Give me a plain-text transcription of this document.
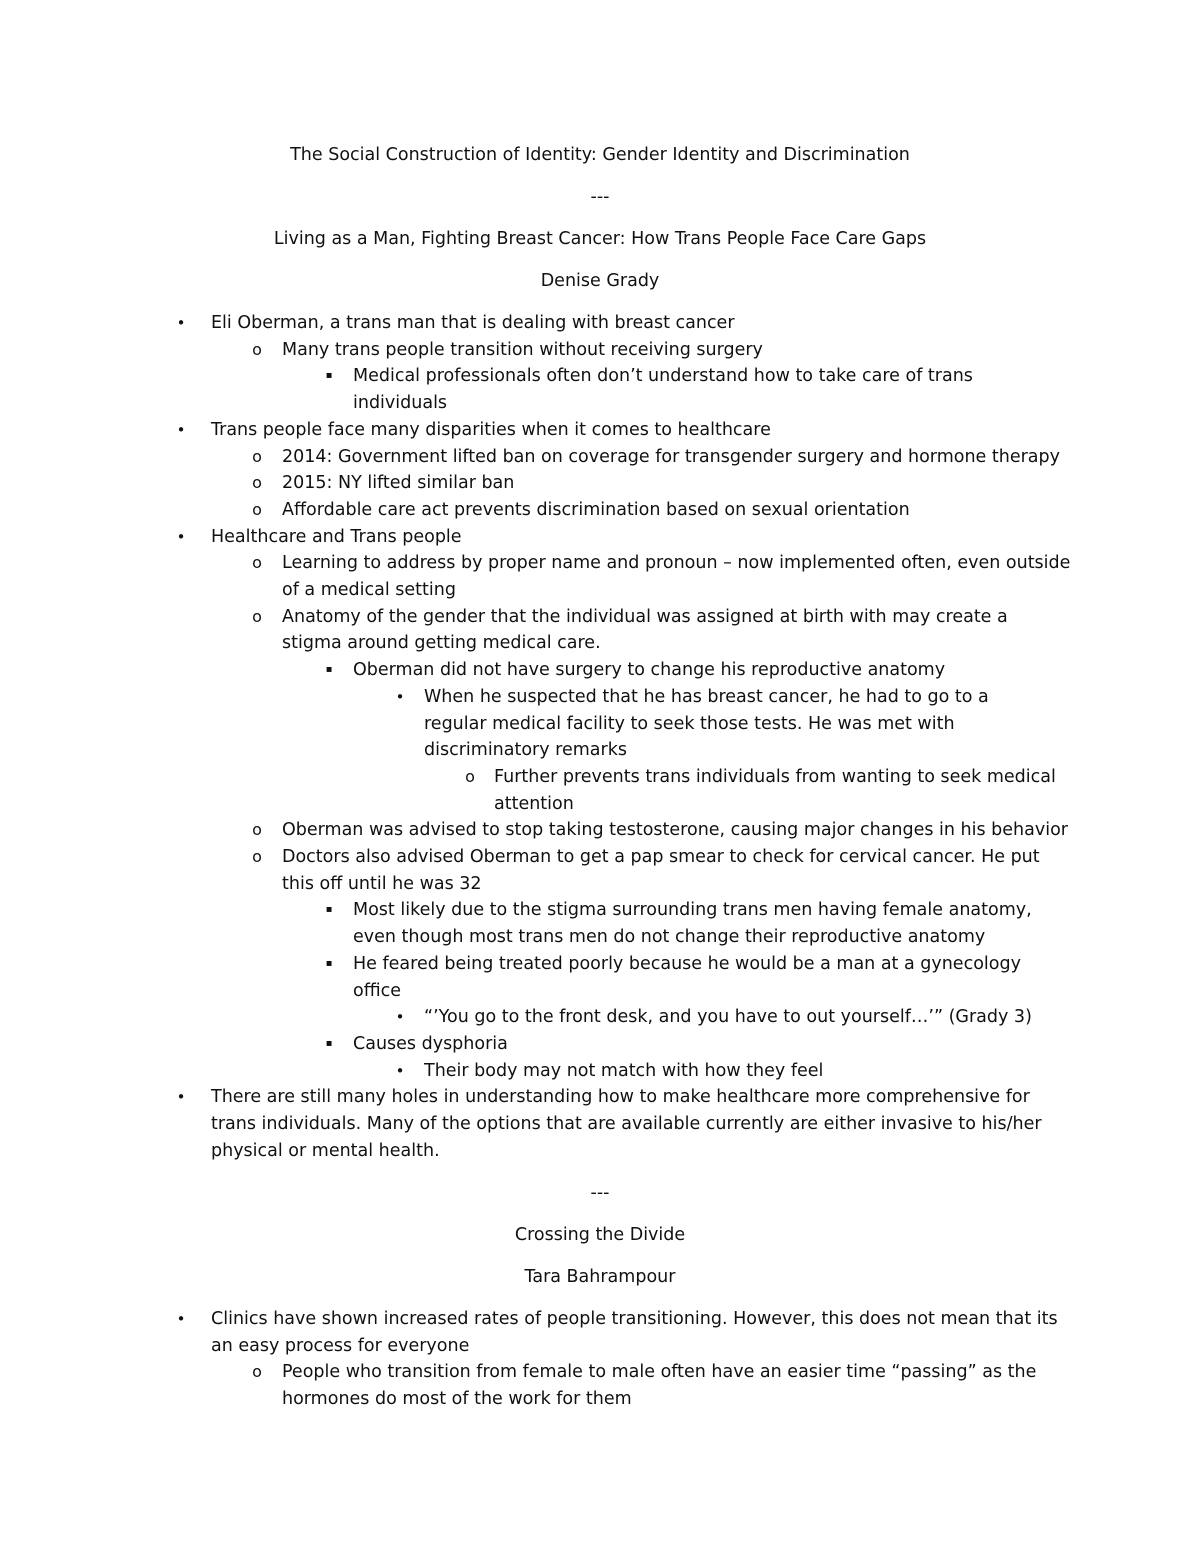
The Social Construction of Identity: Gender Identity and Discrimination
---
Living as a Man, Fighting Breast Cancer: How Trans People Face Care Gaps
Denise Grady
•	Eli Oberman, a trans man that is dealing with breast cancer
o Many trans people transition without receiving surgery
▪	Medical professionals often don’t understand how to take care of trans individuals
•	Trans people face many disparities when it comes to healthcare
o 2014: Government lifted ban on coverage for transgender surgery and hormone therapy
o 2015: NY lifted similar ban
o Affordable care act prevents discrimination based on sexual orientation
•	Healthcare and Trans people
o Learning to address by proper name and pronoun – now implemented often, even outside of a medical setting
o Anatomy of the gender that the individual was assigned at birth with may create a stigma around getting medical care.
▪	Oberman did not have surgery to change his reproductive anatomy
•	When he suspected that he has breast cancer, he had to go to a regular medical facility to seek those tests. He was met with discriminatory remarks
o Further prevents trans individuals from wanting to seek medical attention
o Oberman was advised to stop taking testosterone, causing major changes in his behavior
o Doctors also advised Oberman to get a pap smear to check for cervical cancer. He put this off until he was 32
▪	Most likely due to the stigma surrounding trans men having female anatomy, even though most trans men do not change their reproductive anatomy
▪	He feared being treated poorly because he would be a man at a gynecology office
•	“’You go to the front desk, and you have to out yourself…’” (Grady 3)
▪	Causes dysphoria
•	Their body may not match with how they feel
•	There are still many holes in understanding how to make healthcare more comprehensive for trans individuals. Many of the options that are available currently are either invasive to his/her physical or mental health.
---
Crossing the Divide
Tara Bahrampour
•	Clinics have shown increased rates of people transitioning. However, this does not mean that its an easy process for everyone
o People who transition from female to male often have an easier time “passing” as the hormones do most of the work for them
